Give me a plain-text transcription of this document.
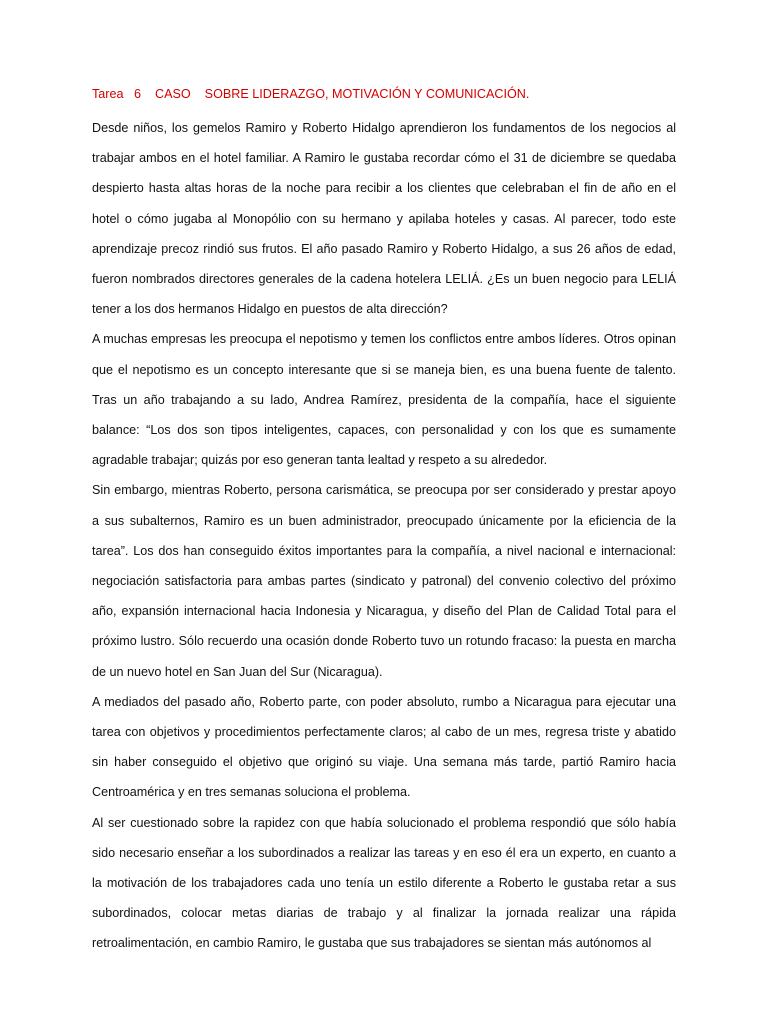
Tarea   6    CASO    SOBRE LIDERAZGO, MOTIVACIÓN Y COMUNICACIÓN.

Desde niños, los gemelos Ramiro y Roberto Hidalgo aprendieron los fundamentos de los negocios al trabajar ambos en el hotel familiar. A Ramiro le gustaba recordar cómo el 31 de diciembre se quedaba despierto hasta altas horas de la noche para recibir a los clientes que celebraban el fin de año en el hotel o cómo jugaba al Monopólio con su hermano y apilaba hoteles y casas. Al parecer, todo este aprendizaje precoz rindió sus frutos. El año pasado Ramiro y Roberto Hidalgo, a sus 26 años de edad, fueron nombrados directores generales de la cadena hotelera LELIÁ. ¿Es un buen negocio para LELIÁ tener a los dos hermanos Hidalgo en puestos de alta dirección?

A muchas empresas les preocupa el nepotismo y temen los conflictos entre ambos líderes. Otros opinan que el nepotismo es un concepto interesante que si se maneja bien, es una buena fuente de talento. Tras un año trabajando a su lado, Andrea Ramírez, presidenta de la compañía, hace el siguiente balance: “Los dos son tipos inteligentes, capaces, con personalidad y con los que es sumamente agradable trabajar; quizás por eso generan tanta lealtad y respeto a su alrededor.

Sin embargo, mientras Roberto, persona carismática, se preocupa por ser considerado y prestar apoyo a sus subalternos, Ramiro es un buen administrador, preocupado únicamente por la eficiencia de la tarea”. Los dos han conseguido éxitos importantes para la compañía, a nivel nacional e internacional: negociación satisfactoria para ambas partes (sindicato y patronal) del convenio colectivo del próximo año, expansión internacional hacia Indonesia y Nicaragua, y diseño del Plan de Calidad Total para el próximo lustro. Sólo recuerdo una ocasión donde Roberto tuvo un rotundo fracaso: la puesta en marcha de un nuevo hotel en San Juan del Sur (Nicaragua).

A mediados del pasado año, Roberto parte, con poder absoluto, rumbo a Nicaragua para ejecutar una tarea con objetivos y procedimientos perfectamente claros; al cabo de un mes, regresa triste y abatido sin haber conseguido el objetivo que originó su viaje. Una semana más tarde, partió Ramiro hacia Centroamérica y en tres semanas soluciona el problema.

Al ser cuestionado sobre la rapidez con que había solucionado el problema respondió que sólo había sido necesario enseñar a los subordinados a realizar las tareas y en eso él era un experto, en cuanto a la motivación de los trabajadores cada uno tenía un estilo diferente a Roberto le gustaba retar a sus subordinados, colocar metas diarias de trabajo y al finalizar la jornada realizar una rápida retroalimentación, en cambio Ramiro, le gustaba que sus trabajadores se sientan más autónomos al
